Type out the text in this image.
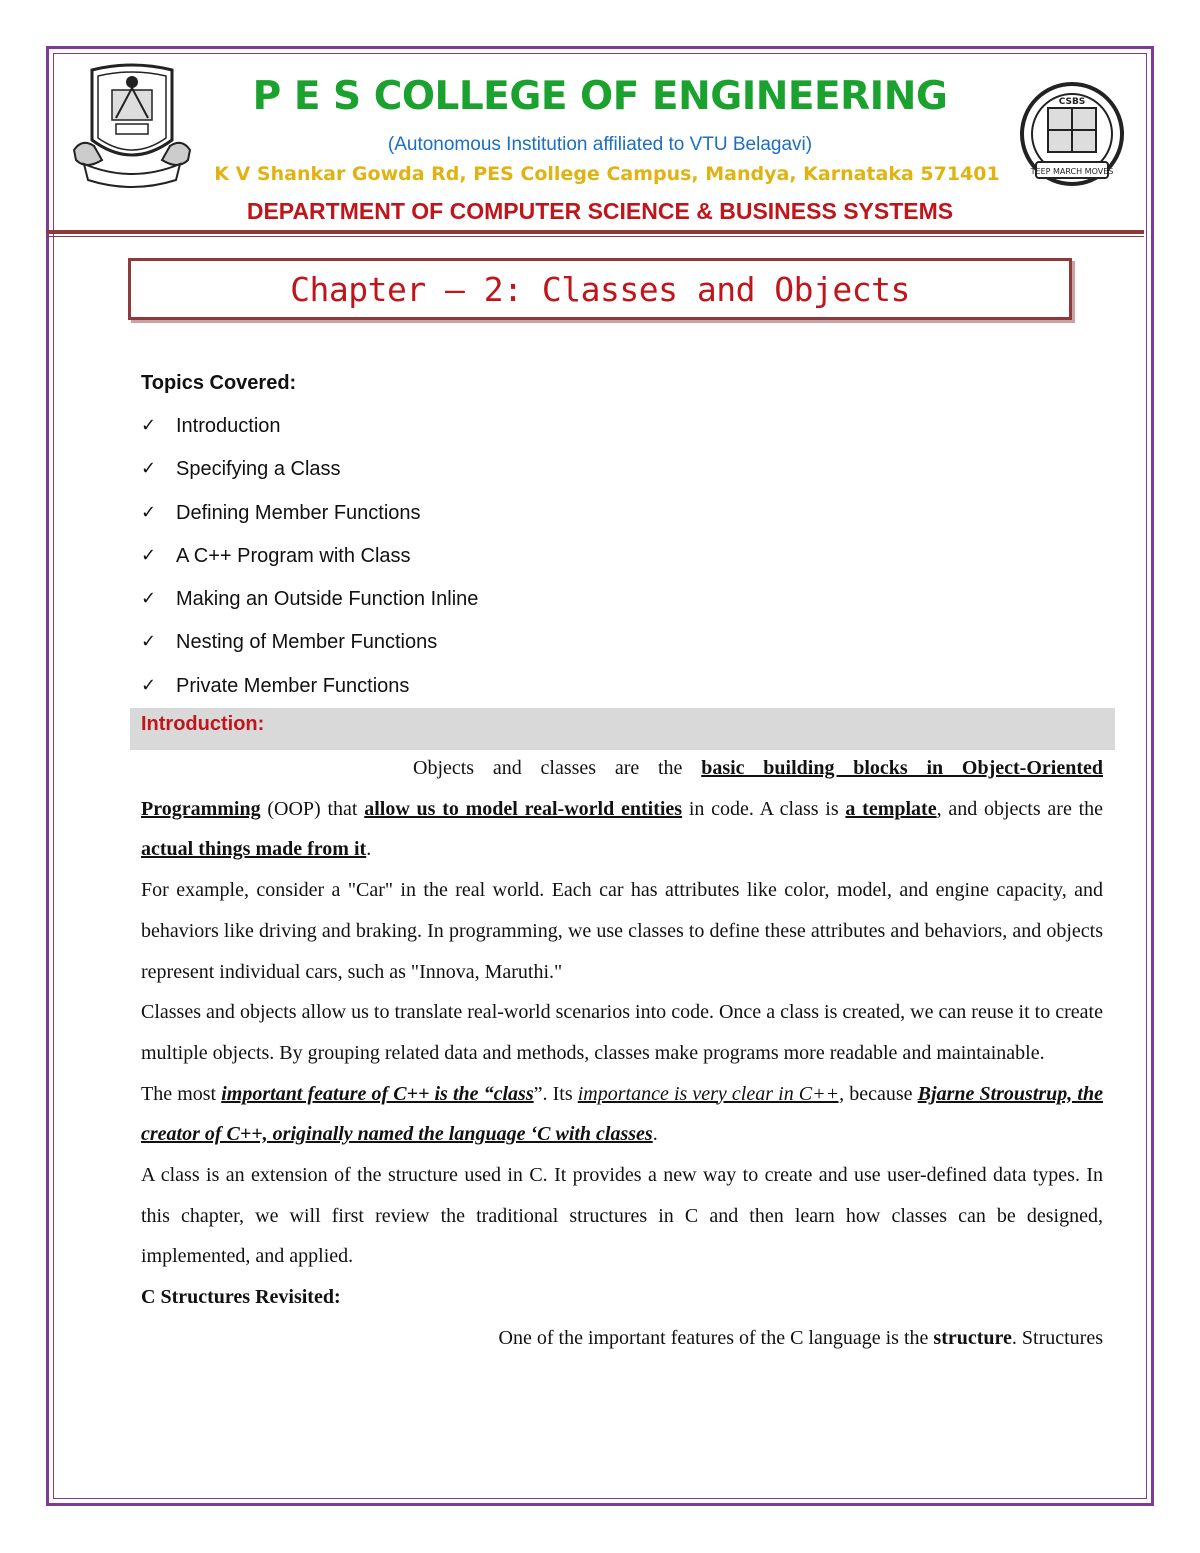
TEEP MARCH MOVES
CSBS
P E S COLLEGE OF ENGINEERING
(Autonomous Institution affiliated to VTU Belagavi)
K V Shankar Gowda Rd, PES College Campus, Mandya, Karnataka 571401
DEPARTMENT OF COMPUTER SCIENCE & BUSINESS SYSTEMS
Chapter – 2: Classes and Objects
Topics Covered:
✓ Introduction
✓ Specifying a Class
✓ Defining Member Functions
✓ A C++ Program with Class
✓ Making an Outside Function Inline
✓ Nesting of Member Functions
✓ Private Member Functions
Introduction:

Objects and classes are the basic building blocks in Object-Oriented Programming (OOP) that allow us to model real-world entities in code. A class is a template, and objects are the actual things made from it.

For example, consider a "Car" in the real world. Each car has attributes like color, model, and engine capacity, and behaviors like driving and braking. In programming, we use classes to define these attributes and behaviors, and objects represent individual cars, such as "Innova, Maruthi."

Classes and objects allow us to translate real-world scenarios into code. Once a class is created, we can reuse it to create multiple objects. By grouping related data and methods, classes make programs more readable and maintainable.

The most important feature of C++ is the “class”. Its importance is very clear in C++, because Bjarne Stroustrup, the creator of C++, originally named the language ‘C with classes.

A class is an extension of the structure used in C. It provides a new way to create and use user-defined data types. In this chapter, we will first review the traditional structures in C and then learn how classes can be designed, implemented, and applied.

C Structures Revisited:

One of the important features of the C language is the structure. Structures
